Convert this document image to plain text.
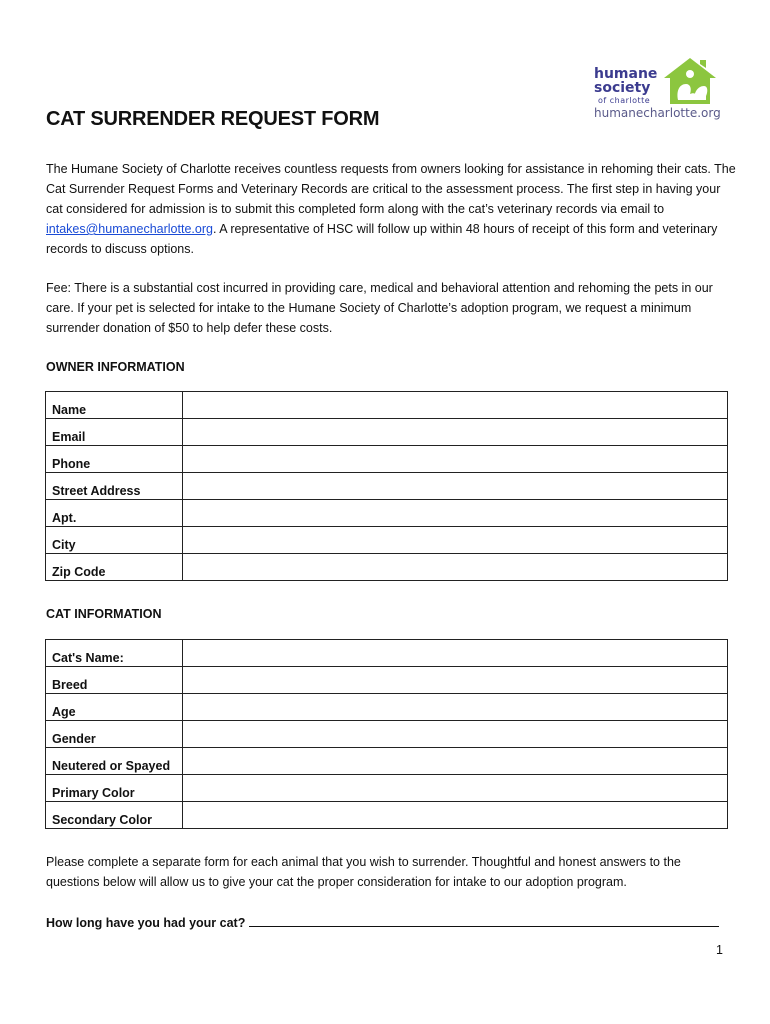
humane
society
of charlotte
humanecharlotte.org
CAT SURRENDER REQUEST FORM

The Humane Society of Charlotte receives countless requests from owners looking for assistance in rehoming their cats. The Cat Surrender Request Forms and Veterinary Records are critical to the assessment process. The first step in having your cat considered for admission is to submit this completed form along with the cat’s veterinary records via email to intakes@humanecharlotte.org. A representative of HSC will follow up within 48 hours of receipt of this form and veterinary records to discuss options.

Fee: There is a substantial cost incurred in providing care, medical and behavioral attention and rehoming the pets in our care. If your pet is selected for intake to the Humane Society of Charlotte’s adoption program, we request a minimum surrender donation of $50 to help defer these costs.

OWNER INFORMATION
Name	
Email	
Phone	
Street Address	
Apt.	
City	
Zip Code	
CAT INFORMATION
Cat's Name:	
Breed	
Age	
Gender	
Neutered or Spayed	
Primary Color	
Secondary Color	

Please complete a separate form for each animal that you wish to surrender. Thoughtful and honest answers to the questions below will allow us to give your cat the proper consideration for intake to our adoption program.

How long have you had your cat?
1
